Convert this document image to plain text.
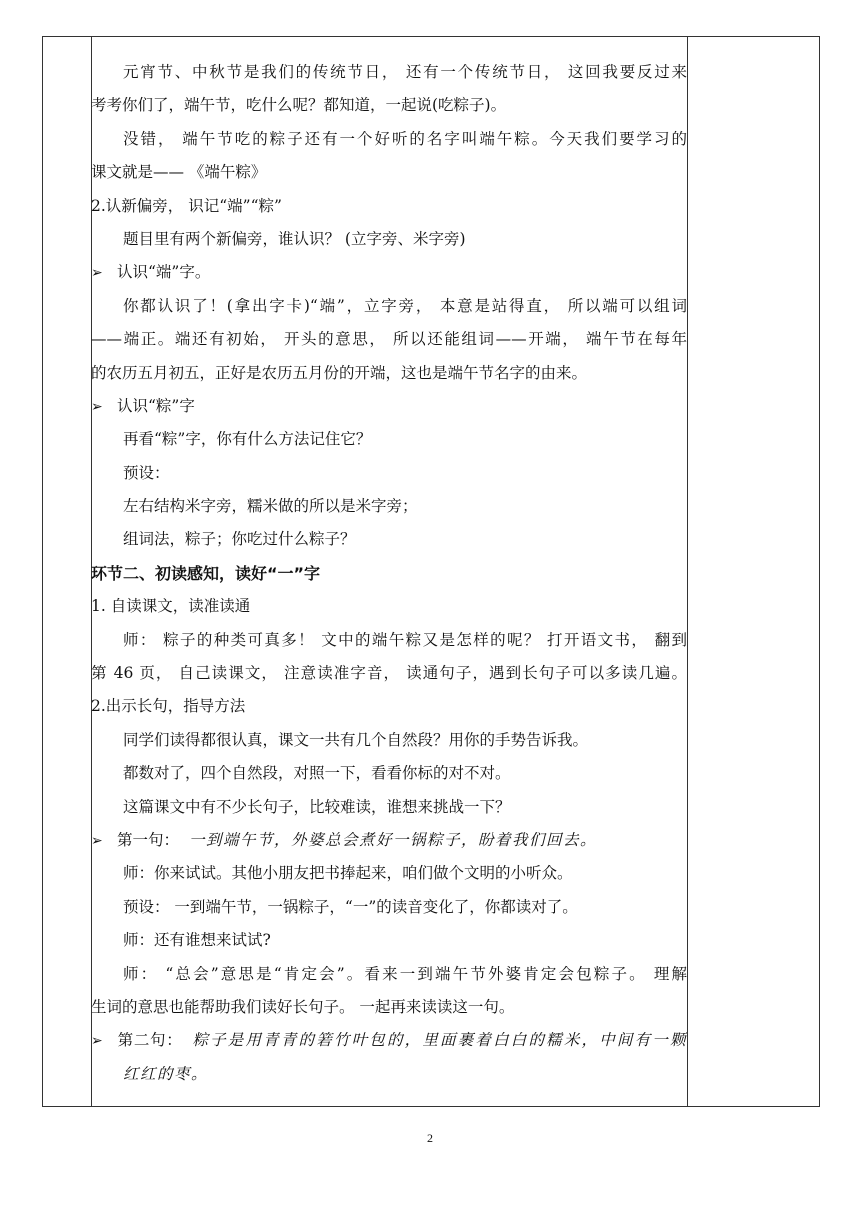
元宵节、中秋节是我们的传统节日， 还有一个传统节日， 这回我要反过来
考考你们了，端午节，吃什么呢？都知道，一起说(吃粽子)。
没错， 端午节吃的粽子还有一个好听的名字叫端午粽。今天我们要学习的
课文就是—— 《端午粽》
2.认新偏旁， 识记“端”“粽”
题目里有两个新偏旁，谁认识？ (立字旁、米字旁)
➢ 认识“端”字。
你都认识了！(拿出字卡)“端”，立字旁， 本意是站得直， 所以端可以组词
——端正。端还有初始， 开头的意思， 所以还能组词——开端， 端午节在每年
的农历五月初五，正好是农历五月份的开端，这也是端午节名字的由来。
➢ 认识“粽”字
再看“粽”字，你有什么方法记住它？
预设：
左右结构米字旁，糯米做的所以是米字旁；
组词法，粽子；你吃过什么粽子？
环节二、初读感知，读好“一”字
1. 自读课文，读准读通
师： 粽子的种类可真多！ 文中的端午粽又是怎样的呢？ 打开语文书， 翻到
第 46 页， 自己读课文， 注意读准字音， 读通句子，遇到长句子可以多读几遍。
2.出示长句，指导方法
同学们读得都很认真，课文一共有几个自然段？用你的手势告诉我。
都数对了，四个自然段，对照一下，看看你标的对不对。
这篇课文中有不少长句子，比较难读，谁想来挑战一下？
➢ 第一句： 一到端午节，外婆总会煮好一锅粽子，盼着我们回去。
师：你来试试。其他小朋友把书捧起来，咱们做个文明的小听众。
预设： 一到端午节，一锅粽子，“一”的读音变化了，你都读对了。
师：还有谁想来试试?
师： “总会”意思是“肯定会”。看来一到端午节外婆肯定会包粽子。 理解
生词的意思也能帮助我们读好长句子。 一起再来读读这一句。
➢ 第二句： 粽子是用青青的箬竹叶包的，里面裹着白白的糯米，中间有一颗
红红的枣。
2
